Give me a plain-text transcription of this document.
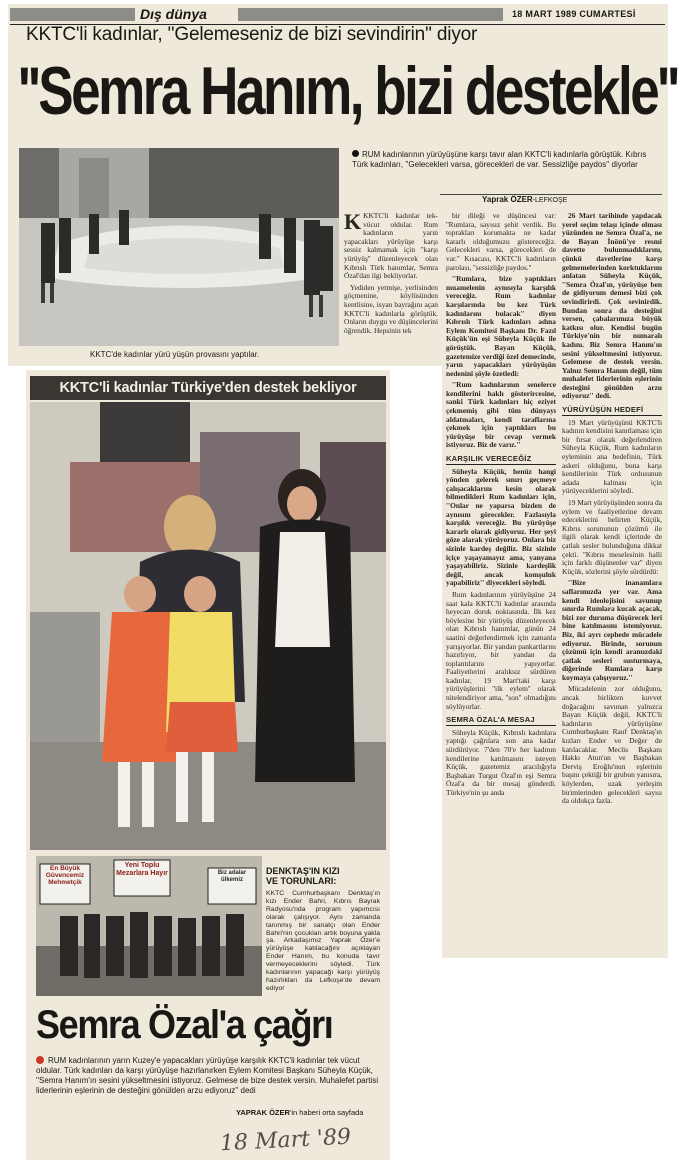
Dış dünya	18 MART 1989 CUMARTESİ
KKTC'li kadınlar, ''Gelemeseniz de bizi sevindirin'' diyor
''Semra Hanım, bizi destekle''
KKTC'de kadınlar yürü yüşün provasını yaptılar.
RUM kadınlarının yürüyüşüne karşı tavır alan KKTC'li kadınlarla görüştük. Kıbrıs Türk kadınları, ''Gelecekleri varsa, görecekleri de var. Sessizliğe paydos'' diyorlar
Yaprak ÖZER-LEFKOŞE

KKKTC'li kadınlar tek-vücut oldular. Rum kadınların yarın yapacakları yürüyüşe karşı sessiz kalmamak için ''karşı yürüyüş'' düzenleyecek olan Kıbrıslı Türk hanımlar, Semra Özal'dan ilgi bekliyorlar.

Yediden yetmişe, yerlisinden göçmenine, köylüsünden kentlisine, isyan bayrağını açan KKTC'li kadınlarla görüştük. Onların duygu ve düşüncelerini öğrendik. Hepsinin tek

bir dileği ve düşüncesi var: ''Rumlara, sayısız şehit verdik. Bu toprakları korumakta ne kadar kararlı olduğumuzu göstereceğiz. Gelecekleri varsa, görecekleri de var.'' Kısacası, KKTC'li kadınların parolası, ''sessizliğe paydos.''

''Rumlara, bize yaptıkları muamelenin aynısıyla karşılık vereceğiz. Rum kadınlar karşılarında bu kez Türk kadınlarını bulacak'' diyen Kıbrıslı Türk kadınları adına Eylem Komitesi Başkanı Dr. Fazıl Küçük'ün eşi Süheyla Küçük ile görüştük. Bayan Küçük, gazetemize verdiği özel demecinde, yarın yapacakları yürüyüşün nedenini şöyle özetledi:

''Rum kadınlarının senelerce kendilerini haklı gösterircesine, sanki Türk kadınları hiç eziyet çekmemiş gibi tüm dünyayı aldatmaları, kendi taraflarına çekmek için yaptıkları bu yürüyüşe bir cevap vermek istiyoruz. Biz de varız.''

KARŞILIK VERECEĞİZ

Süheyla Küçük, henüz hangi yönden gelerek sınırı geçmeye çalışacaklarını kesin olarak bilmedikleri Rum kadınları için, ''Onlar ne yaparsa bizden de aynısını görecekler. Fazlasıyla karşılık vereceğiz. Bu yürüyüşe kararlı olarak gidiyoruz. Her şeyi göze alarak yürüyoruz. Onlara biz sizinle kardeş değiliz. Biz sizinle içiçe yaşayamayız ama, yanyana yaşayabiliriz. Sizinle kardeşlik değil, ancak komşuluk yapabiliriz'' diyecekleri söyledi.

Rum kadınlarının yürüyüşüne 24 saat kala KKTC'li kadınlar arasında heyecan doruk noktasında. İlk kez böylesine bir yürüyüş düzenleyecek olan Kıbrıslı hanımlar, günün 24 saatini değerlendirmek için zamanla yarışıyorlar. Bir yandan pankartlarını hazırlıyor, bir yandan da toplantılarını yapıyorlar. Faaliyetlerini aralıksız sürdüren kadınlar, 19 Mart'taki karşı yürüyüşlerini ''ilk eylem'' olarak nitelendiriyor ama, ''son'' olmadığını söylüyorlar.

SEMRA ÖZAL'A MESAJ

Süheyla Küçük, Kıbrıslı kadınlara yaptığı çağrılara son ana kadar sürdürüyor. 7'den 70'e her kadının kendilerine katılmasını isteyen Küçük, gazetemiz aracılığıyla Başbakan Turgut Özal'ın eşi Semra Özal'a da bir mesaj gönderdi. Türkiye'nin şu anda

26 Mart tarihinde yapılacak yerel seçim telaşı içinde olması yüzünden ne Semra Özal'a, ne de Bayan İnönü'ye resmi davette bulunmadıklarını, çünkü davetlerine karşı gelmemelerinden korktuklarını anlatan Süheyla Küçük, ''Semra Özal'ın, yürüyüşe ben de gidiyorum demesi bizi çok sevindirirdi. Çok sevinirdik. Bundan sonra da desteğini versen, çabalarımıza büyük katkısı olur. Kendisi bugün Türkiye'nin bir numaralı kadını. Biz Semra Hanım'ın sesini yükseltmesini istiyoruz. Gelemese de destek versin. Yalnız Semra Hanım değil, tüm muhalefet liderlerinin eşlerinin desteğini gönülden arzu ediyoruz'' dedi.

YÜRÜYÜŞÜN HEDEFİ

19 Mart yürüyüşünü KKTC'li kadının kendisini kanıtlaması için bir fırsat olarak değerlendiren Süheyla Küçük, Rum kadınların eyleminin ana bedefinin, Türk askeri olduğunu, buna karşı kendilerinin Türk ordusunun adada kalması için yürüyeceklerini söyledi.

19 Mart yürüyüşünden sonra da eylem ve faaliyetlerine devam edeceklerini belirten Küçük, Kıbrıs sorununun çözümü ile ilgili olarak kendi içlerinde de çatlak sesler bulunduğuna dikkat çekti. ''Kıbrıs meselesinin halli için farklı düşünenler var'' diyen Küçük, sözlerini şöyle sürdürdü:

''Bize inanamlara saflarımızda yer var. Ama kendi ideolojisini savunup sınırda Rumlara kucak açacak, bizi zor duruma düşürecek leri bine katılmasını istemiyoruz. Biz, iki ayrı cephede mücadele ediyoruz. Birinde, sorunun çözümü için kendi aramızdaki çatlak sesleri susturmaya, diğerinde Rumlara karşı koymaya çalışıyoruz.''

Mücadelenin zor olduğunu, ancak birlikten kuvvet doğacağını savunan yalnızca Bayan Küçük değil, KKTC'li kadınların yürüyüşüne Cumhurbaşkanı Rauf Denktaş'ın kızları Ender ve Değer de katılacaklar. Meclis Başkanı Hakkı Atun'un ve Başbakan Derviş Eroğlu'nun eşlerinin başını çektiği bir grubun yanısıra, köylerden, uzak yerleşim birimlerinden gelecekleri sayısı da oldukça fazla.

KKTC'li kadınlar Türkiye'den destek bekliyor
En Büyük Güvencemiz Mehmetçik
Yeni Toplu Mezarlara Hayır	Biz adalar ülkemiz
DENKTAŞ'IN KIZI
VE TORUNLARI:
KKTC Cumhurbaşkanı Denktaş'ın kızı Ender Bahri, Kıbrıs Bayrak Radyosu'nda program yapımcısı olarak çalışıyor. Aynı zamanda tanınmış bir sanatçı olan Ender Bahri'nin çocukları artık boyuna yakla şa. Arkadaşımız Yaprak Özer'e yürüyüşe katılacağını açıklayan Ender Hanım, bu konuda tavır vermeyeceklerini söyledi. Türk kadınlarının yapacağı karşı yürüyüş hazırlıkları da Lefkoşe'de devam ediyor
Semra Özal'a çağrı
RUM kadınlarının yarın Kuzey'e yapacakları yürüyüşe karşılık KKTC'li kadınlar tek vücut oldular. Türk kadınları da karşı yürüyüşe hazırlanırken Eylem Komitesi Başkanı Süheyla Küçük, ''Semra Hanım'ın sesini yükseltmesini istiyoruz. Gelmese de bize destek versin. Muhalefet partisi liderlerinin eşlerinin de desteğini gönülden arzu ediyoruz'' dedi
YAPRAK ÖZER'in haberi orta sayfada
18 Mart '89
